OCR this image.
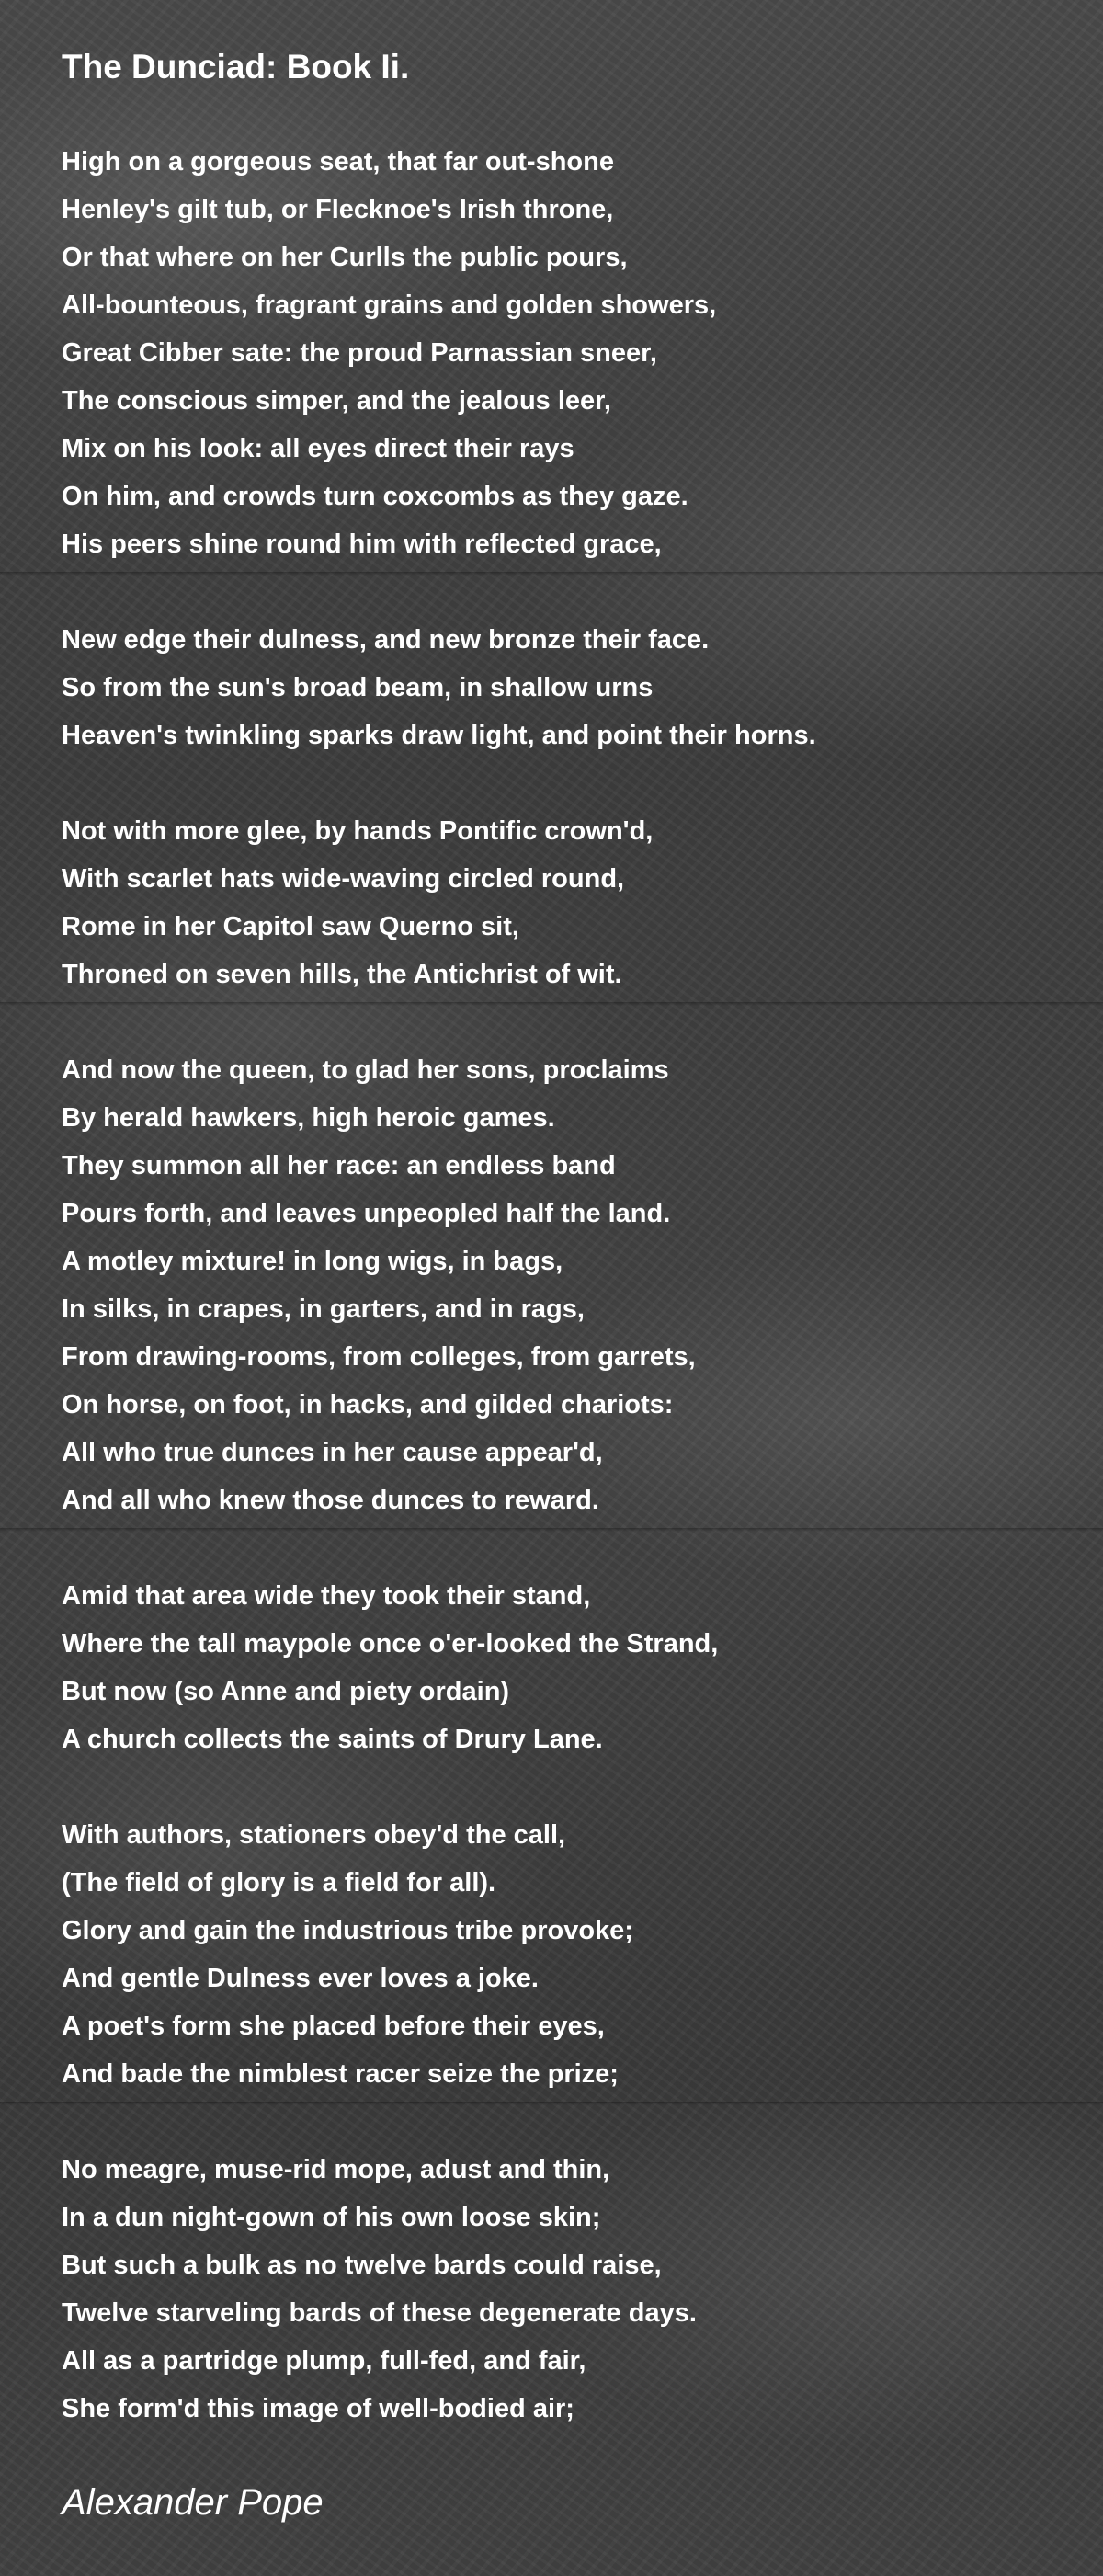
The Dunciad: Book Ii.
High on a gorgeous seat, that far out-shone
Henley's gilt tub, or Flecknoe's Irish throne,
Or that where on her Curlls the public pours,
All-bounteous, fragrant grains and golden showers,
Great Cibber sate: the proud Parnassian sneer,
The conscious simper, and the jealous leer,
Mix on his look: all eyes direct their rays
On him, and crowds turn coxcombs as they gaze.
His peers shine round him with reflected grace,
New edge their dulness, and new bronze their face.
So from the sun's broad beam, in shallow urns
Heaven's twinkling sparks draw light, and point their horns.
Not with more glee, by hands Pontific crown'd,
With scarlet hats wide-waving circled round,
Rome in her Capitol saw Querno sit,
Throned on seven hills, the Antichrist of wit.
And now the queen, to glad her sons, proclaims
By herald hawkers, high heroic games.
They summon all her race: an endless band
Pours forth, and leaves unpeopled half the land.
A motley mixture! in long wigs, in bags,
In silks, in crapes, in garters, and in rags,
From drawing-rooms, from colleges, from garrets,
On horse, on foot, in hacks, and gilded chariots:
All who true dunces in her cause appear'd,
And all who knew those dunces to reward.
Amid that area wide they took their stand,
Where the tall maypole once o'er-looked the Strand,
But now (so Anne and piety ordain)
A church collects the saints of Drury Lane.
With authors, stationers obey'd the call,
(The field of glory is a field for all).
Glory and gain the industrious tribe provoke;
And gentle Dulness ever loves a joke.
A poet's form she placed before their eyes,
And bade the nimblest racer seize the prize;
No meagre, muse-rid mope, adust and thin,
In a dun night-gown of his own loose skin;
But such a bulk as no twelve bards could raise,
Twelve starveling bards of these degenerate days.
All as a partridge plump, full-fed, and fair,
She form'd this image of well-bodied air;

Alexander Pope
